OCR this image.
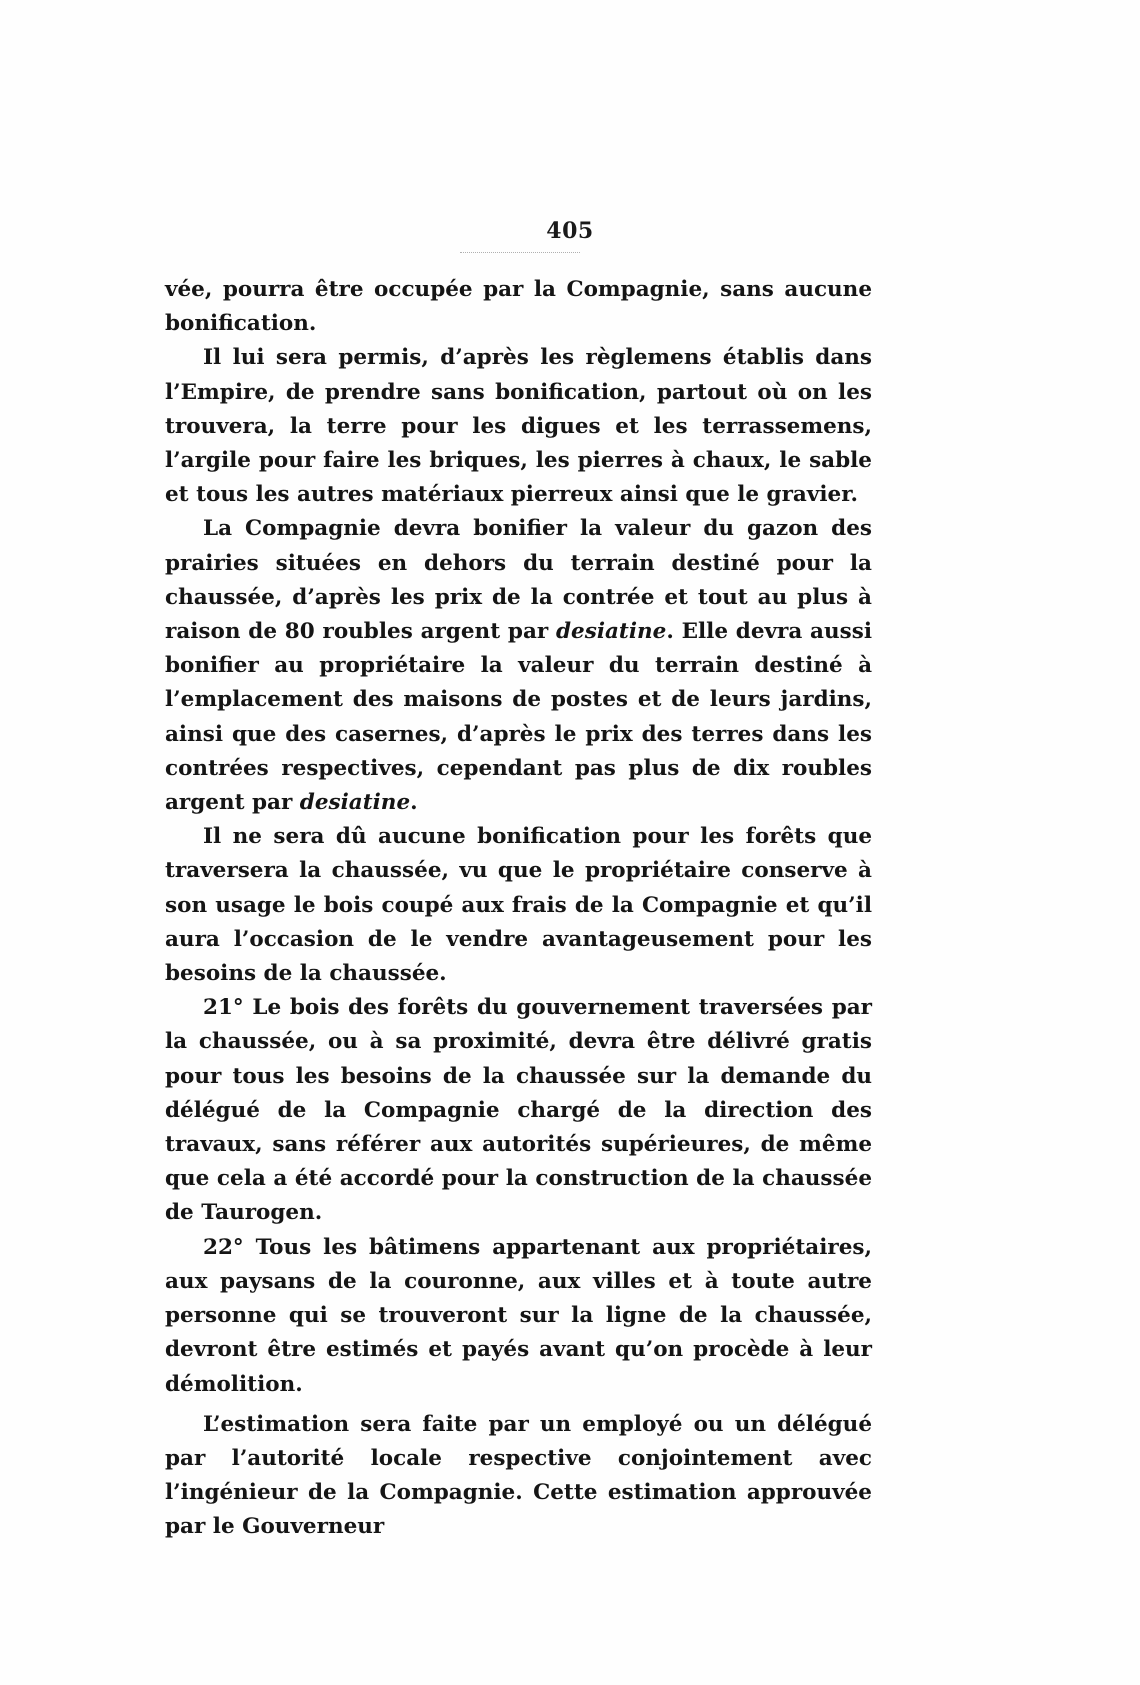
405

vée, pourra être occupée par la Compagnie, sans aucune bonification.

Il lui sera permis, d’après les règlemens établis dans l’Empire, de prendre sans bonification, partout où on les trouvera, la terre pour les digues et les terrassemens, l’argile pour faire les briques, les pierres à chaux, le sable et tous les autres matériaux pierreux ainsi que le gravier.

La Compagnie devra bonifier la valeur du gazon des prairies situées en dehors du terrain destiné pour la chaussée, d’après les prix de la contrée et tout au plus à raison de 80 roubles argent par desiatine. Elle devra aussi bonifier au propriétaire la valeur du terrain destiné à l’emplacement des maisons de postes et de leurs jardins, ainsi que des casernes, d’après le prix des terres dans les contrées respectives, cependant pas plus de dix roubles argent par desiatine.

Il ne sera dû aucune bonification pour les forêts que traversera la chaussée, vu que le propriétaire conserve à son usage le bois coupé aux frais de la Compagnie et qu’il aura l’occasion de le vendre avantageusement pour les besoins de la chaussée.

21° Le bois des forêts du gouvernement traversées par la chaussée, ou à sa proximité, devra être délivré gratis pour tous les besoins de la chaussée sur la demande du délégué de la Compagnie chargé de la direction des travaux, sans référer aux autorités supérieures, de même que cela a été accordé pour la construction de la chaussée de Taurogen.

22° Tous les bâtimens appartenant aux propriétaires, aux paysans de la couronne, aux villes et à toute autre personne qui se trouveront sur la ligne de la chaussée, devront être estimés et payés avant qu’on procède à leur démolition.

L’estimation sera faite par un employé ou un délégué par l’autorité locale respective conjointement avec l’ingénieur de la Compagnie. Cette estimation approuvée par le Gouverneur
